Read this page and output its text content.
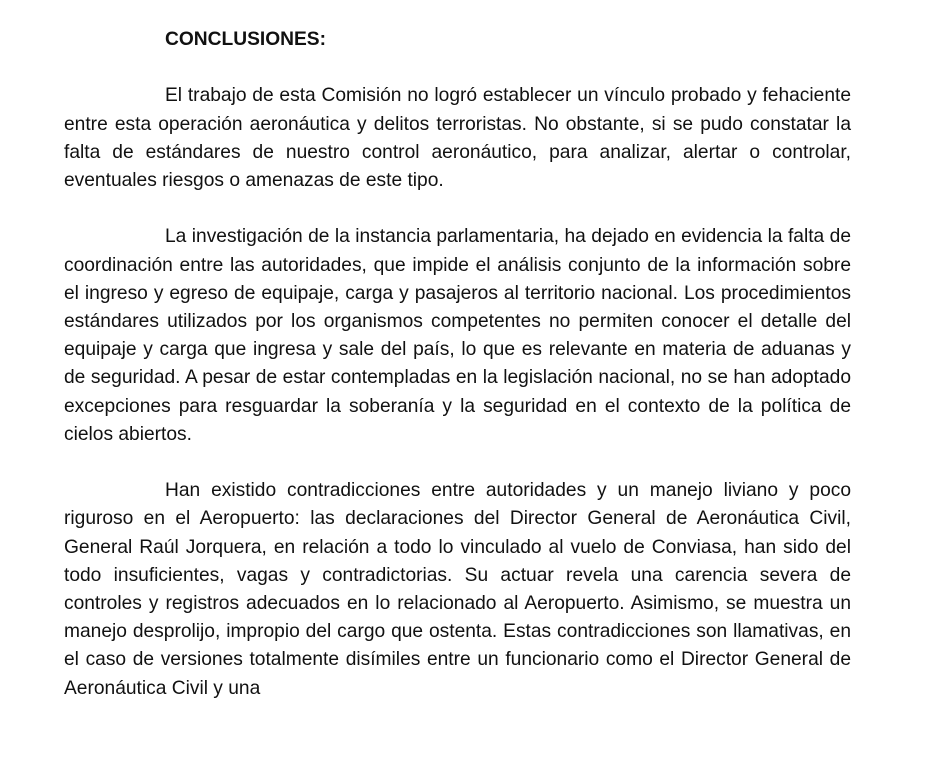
CONCLUSIONES:

El trabajo de esta Comisión no logró establecer un vínculo probado y fehaciente entre esta operación aeronáutica y delitos terroristas. No obstante, si se pudo constatar la falta de estándares de nuestro control aeronáutico, para analizar, alertar o controlar, eventuales riesgos o amenazas de este tipo.

La investigación de la instancia parlamentaria, ha dejado en evidencia la falta de coordinación entre las autoridades, que impide el análisis conjunto de la información sobre el ingreso y egreso de equipaje, carga y pasajeros al territorio nacional. Los procedimientos estándares utilizados por los organismos competentes no permiten conocer el detalle del equipaje y carga que ingresa y sale del país, lo que es relevante en materia de aduanas y de seguridad. A pesar de estar contempladas en la legislación nacional, no se han adoptado excepciones para resguardar la soberanía y la seguridad en el contexto de la política de cielos abiertos.

Han existido contradicciones entre autoridades y un manejo liviano y poco riguroso en el Aeropuerto: las declaraciones del Director General de Aeronáutica Civil, General Raúl Jorquera, en relación a todo lo vinculado al vuelo de Conviasa, han sido del todo insuficientes, vagas y contradictorias. Su actuar revela una carencia severa de controles y registros adecuados en lo relacionado al Aeropuerto. Asimismo, se muestra un manejo desprolijo, impropio del cargo que ostenta. Estas contradicciones son llamativas, en el caso de versiones totalmente disímiles entre un funcionario como el Director General de Aeronáutica Civil y una
